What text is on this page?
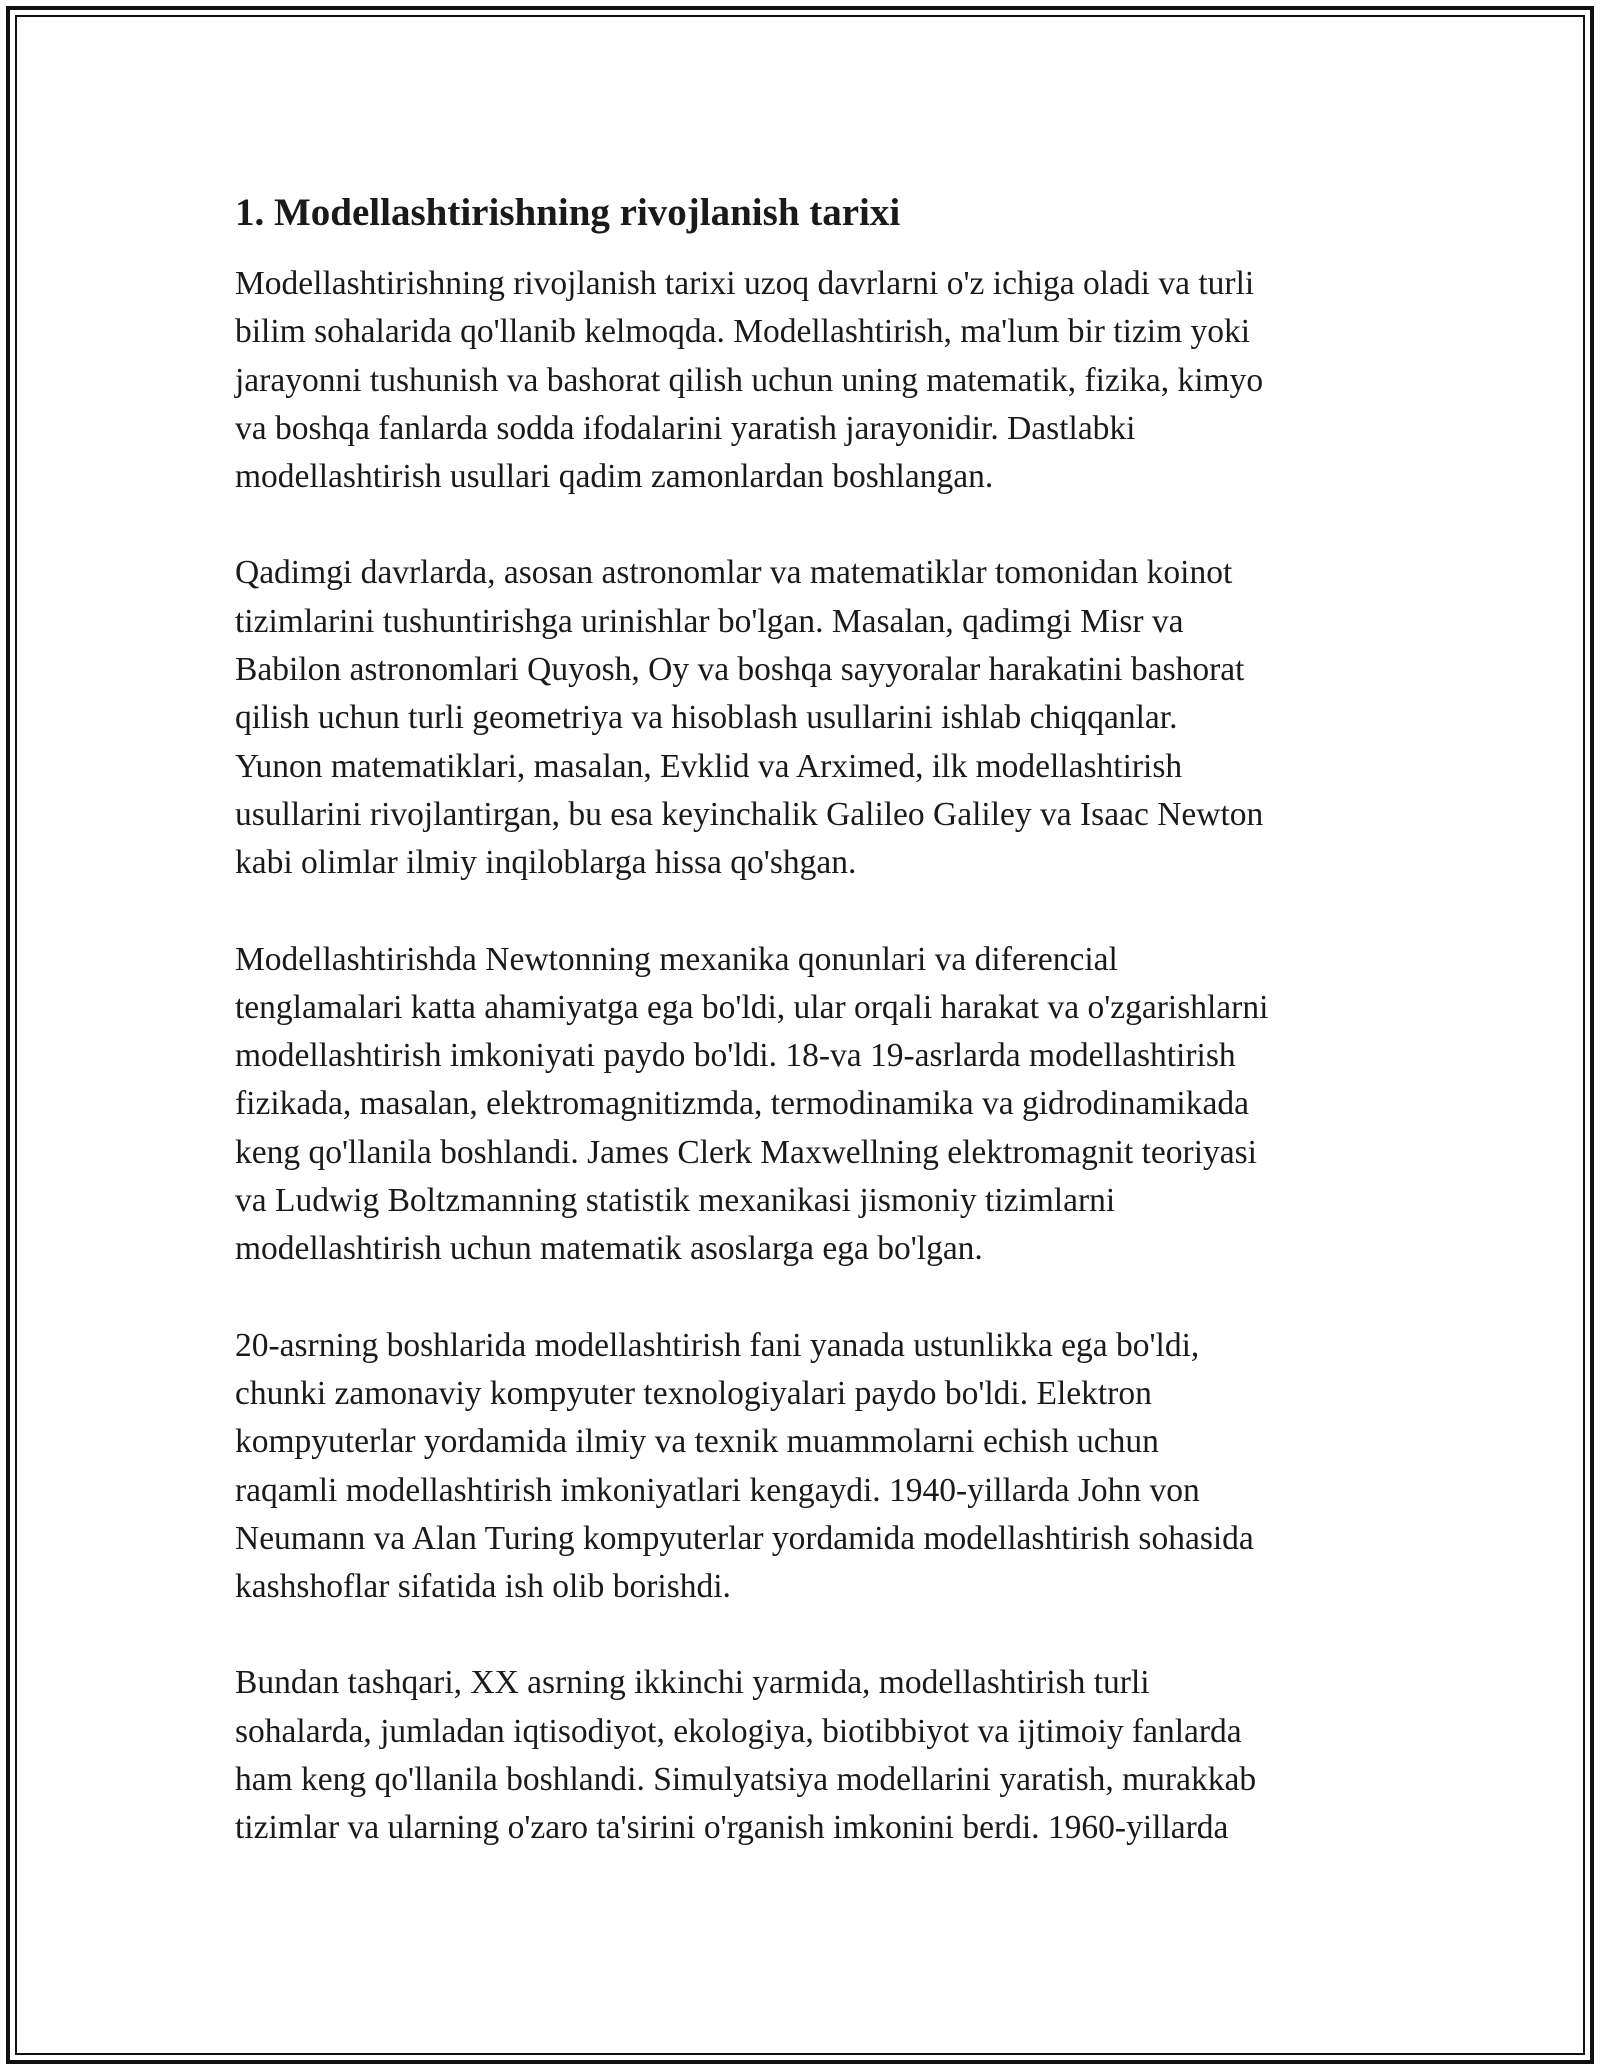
1. Modellashtirishning rivojlanish tarixi

Modellashtirishning rivojlanish tarixi uzoq davrlarni o'z ichiga oladi va turli
bilim sohalarida qo'llanib kelmoqda. Modellashtirish, ma'lum bir tizim yoki
jarayonni tushunish va bashorat qilish uchun uning matematik, fizika, kimyo
va boshqa fanlarda sodda ifodalarini yaratish jarayonidir. Dastlabki
modellashtirish usullari qadim zamonlardan boshlangan.

Qadimgi davrlarda, asosan astronomlar va matematiklar tomonidan koinot
tizimlarini tushuntirishga urinishlar bo'lgan. Masalan, qadimgi Misr va
Babilon astronomlari Quyosh, Oy va boshqa sayyoralar harakatini bashorat
qilish uchun turli geometriya va hisoblash usullarini ishlab chiqqanlar.
Yunon matematiklari, masalan, Evklid va Arximed, ilk modellashtirish
usullarini rivojlantirgan, bu esa keyinchalik Galileo Galiley va Isaac Newton
kabi olimlar ilmiy inqiloblarga hissa qo'shgan.

Modellashtirishda Newtonning mexanika qonunlari va diferencial
tenglamalari katta ahamiyatga ega bo'ldi, ular orqali harakat va o'zgarishlarni
modellashtirish imkoniyati paydo bo'ldi. 18-va 19-asrlarda modellashtirish
fizikada, masalan, elektromagnitizmda, termodinamika va gidrodinamikada
keng qo'llanila boshlandi. James Clerk Maxwellning elektromagnit teoriyasi
va Ludwig Boltzmanning statistik mexanikasi jismoniy tizimlarni
modellashtirish uchun matematik asoslarga ega bo'lgan.

20-asrning boshlarida modellashtirish fani yanada ustunlikka ega bo'ldi,
chunki zamonaviy kompyuter texnologiyalari paydo bo'ldi. Elektron
kompyuterlar yordamida ilmiy va texnik muammolarni echish uchun
raqamli modellashtirish imkoniyatlari kengaydi. 1940-yillarda John von
Neumann va Alan Turing kompyuterlar yordamida modellashtirish sohasida
kashshoflar sifatida ish olib borishdi.

Bundan tashqari, XX asrning ikkinchi yarmida, modellashtirish turli
sohalarda, jumladan iqtisodiyot, ekologiya, biotibbiyot va ijtimoiy fanlarda
ham keng qo'llanila boshlandi. Simulyatsiya modellarini yaratish, murakkab
tizimlar va ularning o'zaro ta'sirini o'rganish imkonini berdi. 1960-yillarda
